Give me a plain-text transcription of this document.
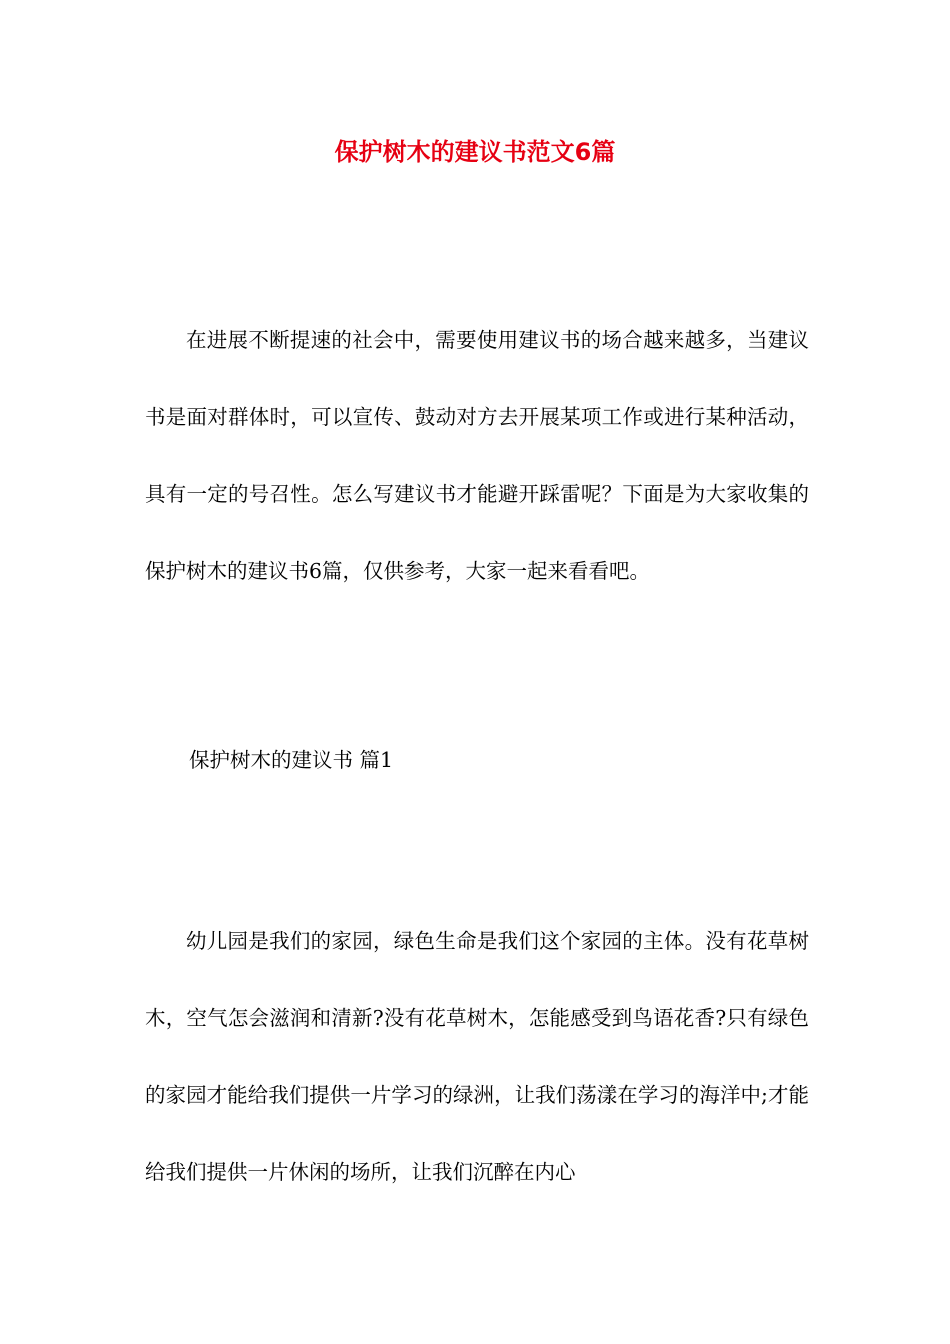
保护树木的建议书范文6篇

在进展不断提速的社会中，需要使用建议书的场合越来越多，当建议书是面对群体时，可以宣传、鼓动对方去开展某项工作或进行某种活动，具有一定的号召性。怎么写建议书才能避开踩雷呢？下面是为大家收集的保护树木的建议书6篇，仅供参考，大家一起来看看吧。

保护树木的建议书 篇1

幼儿园是我们的家园，绿色生命是我们这个家园的主体。没有花草树木，空气怎会滋润和清新?没有花草树木，怎能感受到鸟语花香?只有绿色的家园才能给我们提供一片学习的绿洲，让我们荡漾在学习的海洋中;才能给我们提供一片休闲的场所，让我们沉醉在内心
